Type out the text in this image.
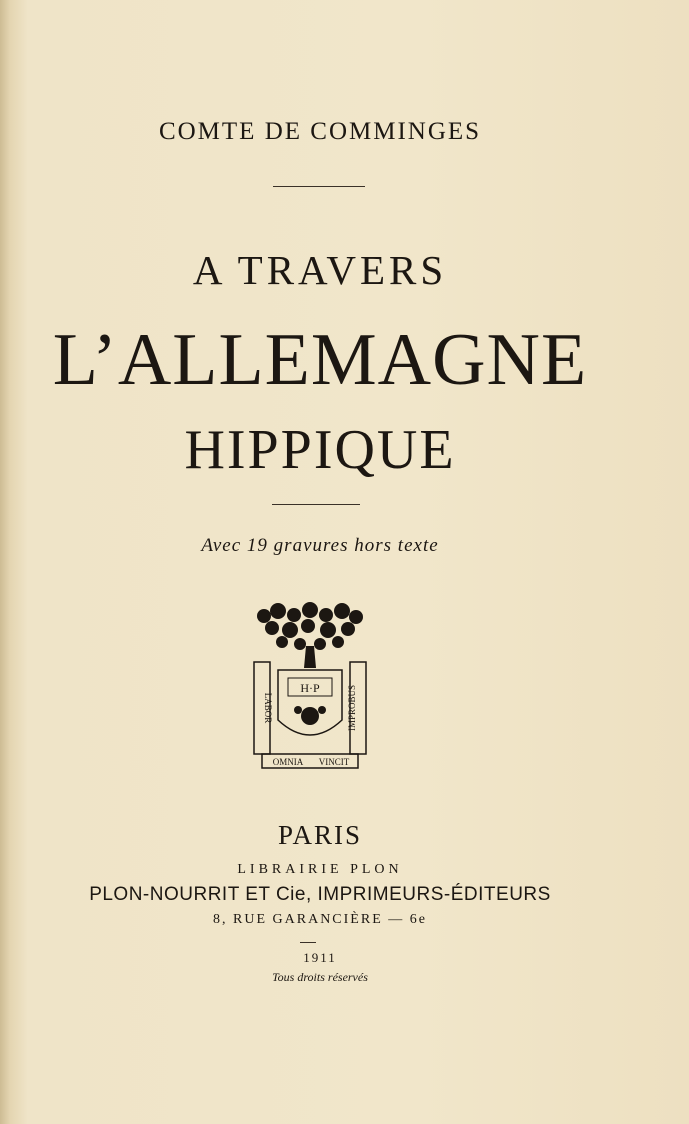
COMTE DE COMMINGES
A TRAVERS
L’ALLEMAGNE
HIPPIQUE
Avec 19 gravures hors texte
H·P
LABOR	IMPROBUS
OMNIA VINCIT
PARIS
LIBRAIRIE PLON
PLON-NOURRIT ET Cie, IMPRIMEURS-ÉDITEURS
8, RUE GARANCIÈRE — 6e
1911
Tous droits réservés
